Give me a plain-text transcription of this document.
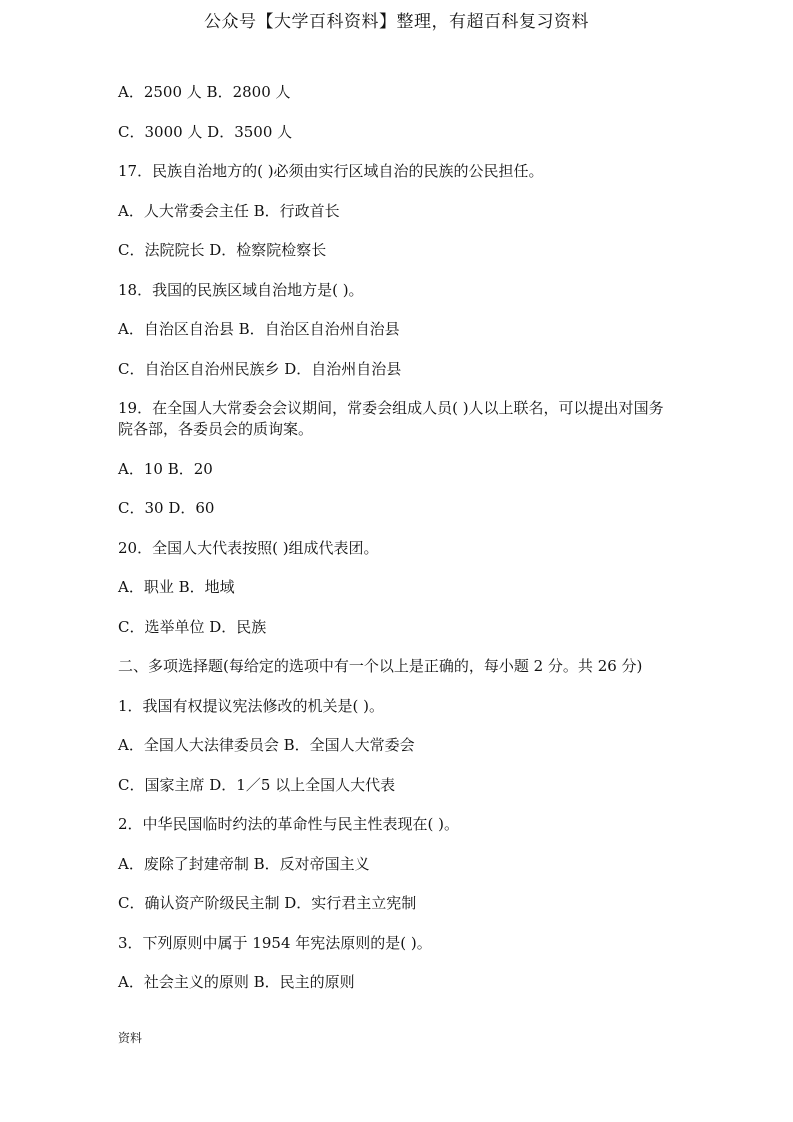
公众号【大学百科资料】整理，有超百科复习资料
A．2500 人 B．2800 人
C．3000 人 D．3500 人
17．民族自治地方的( )必须由实行区域自治的民族的公民担任。
A．人大常委会主任 B．行政首长
C．法院院长 D．检察院检察长
18．我国的民族区域自治地方是( )。
A．自治区自治县 B．自治区自治州自治县
C．自治区自治州民族乡 D．自治州自治县
19．在全国人大常委会会议期间，常委会组成人员( )人以上联名，可以提出对国务院各部，各委员会的质询案。
A．10 B．20
C．30 D．60
20．全国人大代表按照( )组成代表团。
A．职业 B．地域
C．选举单位 D．民族
二、多项选择题(每给定的选项中有一个以上是正确的，每小题 2 分。共 26 分)
1．我国有权提议宪法修改的机关是( )。
A．全国人大法律委员会 B．全国人大常委会
C．国家主席 D．1／5 以上全国人大代表
2．中华民国临时约法的革命性与民主性表现在( )。
A．废除了封建帝制 B．反对帝国主义
C．确认资产阶级民主制 D．实行君主立宪制
3．下列原则中属于 1954 年宪法原则的是( )。
A．社会主义的原则 B．民主的原则
资料
